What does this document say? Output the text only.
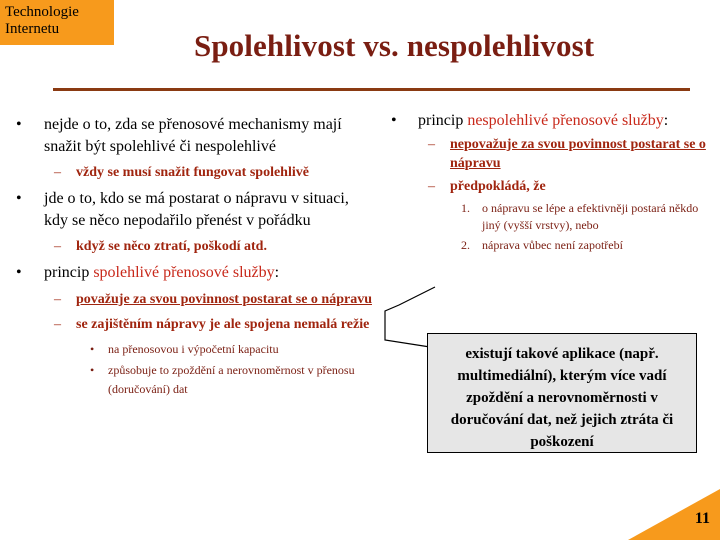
Technologie
Internetu	Spolehlivost vs. nespolehlivost
• nejde o to, zda se přenosové mechanismy mají snažit být spolehlivé či nespolehlivé
– vždy se musí snažit fungovat spolehlivě
• jde o to, kdo se má postarat o nápravu v situaci, kdy se něco nepodařilo přenést v pořádku
– když se něco ztratí, poškodí atd.
• princip spolehlivé přenosové služby:
– považuje za svou povinnost postarat se o nápravu
– se zajištěním nápravy je ale spojena nemalá režie
• na přenosovou i výpočetní kapacitu
• způsobuje to zpoždění a nerovnoměrnost v přenosu (doručování) dat
• princip nespolehlivé přenosové služby:
– nepovažuje za svou povinnost postarat se o nápravu
– předpokládá, že
1. o nápravu se lépe a efektivněji postará někdo jiný (vyšší vrstvy), nebo
2. náprava vůbec není zapotřebí
existují takové aplikace (např. multimediální), kterým více vadí zpoždění a nerovnoměrnosti v doručování dat, než jejich ztráta či poškození
11
